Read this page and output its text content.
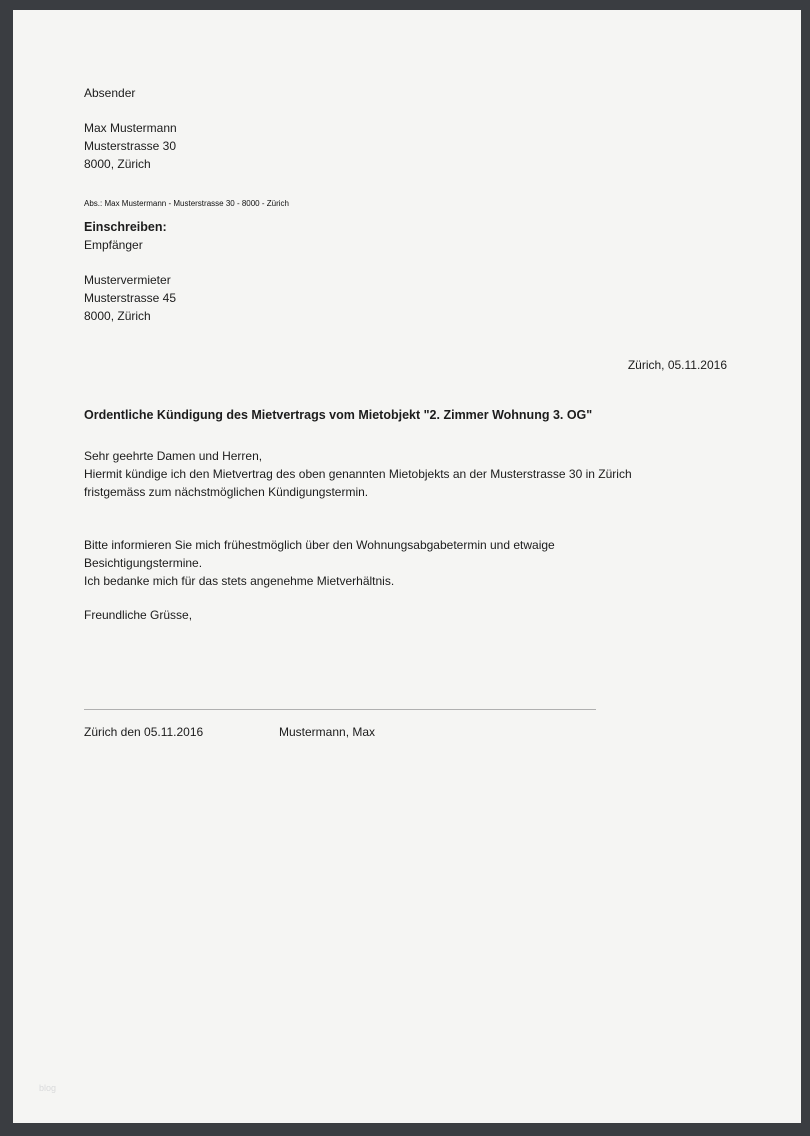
Absender
Max Mustermann
Musterstrasse 30
8000, Zürich
Abs.: Max Mustermann - Musterstrasse 30 - 8000 - Zürich
Einschreiben:
Empfänger
Mustervermieter
Musterstrasse 45
8000, Zürich
Zürich, 05.11.2016
Ordentliche Kündigung des Mietvertrags vom Mietobjekt "2. Zimmer Wohnung 3. OG"
Sehr geehrte Damen und Herren,
Hiermit kündige ich den Mietvertrag des oben genannten Mietobjekts an der Musterstrasse 30 in Zürich
fristgemäss zum nächstmöglichen Kündigungstermin.
Bitte informieren Sie mich frühestmöglich über den Wohnungsabgabetermin und etwaige
Besichtigungstermine.
Ich bedanke mich für das stets angenehme Mietverhältnis.
Freundliche Grüsse,
Zürich den 05.11.2016	Mustermann, Max
blog
